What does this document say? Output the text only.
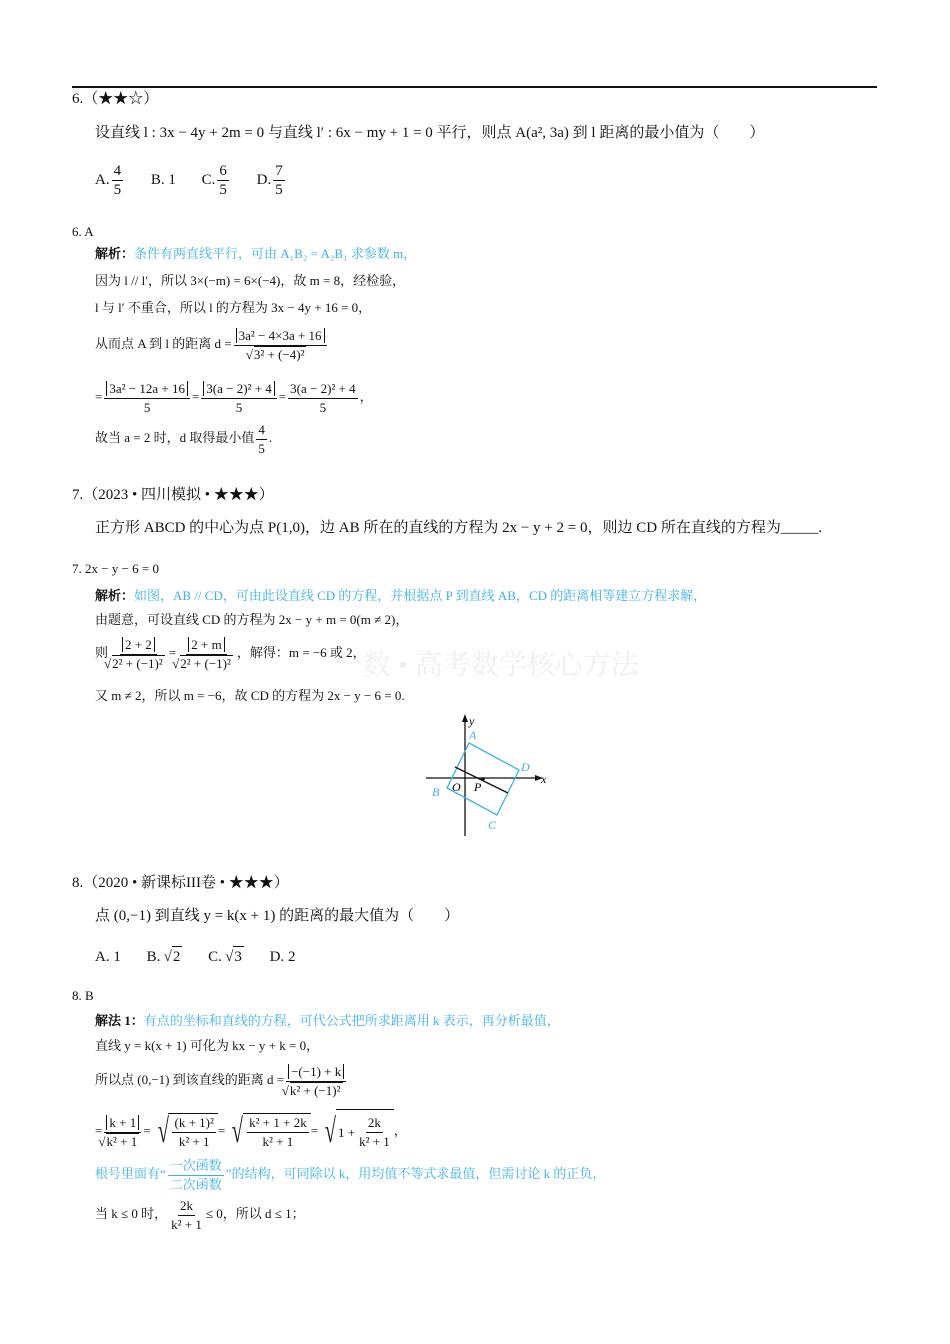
6.（★★☆）
设直线 l : 3x − 4y + 2m = 0 与直线 l′ : 6x − my + 1 = 0 平行，则点 A(a², 3a) 到 l 距离的最小值为（　　）
A. $\frac{4}{5}$
B.
1
C. $\frac{6}{5}$
D. $\frac{7}{5}$
6. A
解析：条件有两直线平行，可由 A₁B₂ = A₂B₁ 求参数 m，
因为 l // l′，所以 3×(−m) = 6×(−4)，故 m = 8，经检验，
l 与 l′ 不重合，所以 l 的方程为 3x − 4y + 16 = 0，
从而点 A 到 l 的距离 d = 3a² − 4×3a + 16
√ 3² + (−4)²
= $\frac{\text{3a² − 12a + 16}}{5} = \frac{\text{3(a − 2)² + 4}}{5} = \frac{\text{3(a − 2)² + 4}}{5}$ ，
故当 a = 2 时，d 取得最小值 $\frac{4}{5}$ .
7.（2023 • 四川模拟 • ★★★）
正方形 ABCD 的中心为点 P(1,0)，边 AB 所在的直线的方程为 2x − y + 2 = 0，则边 CD 所在直线的方程为_____.
7. 2x − y − 6 = 0
解析：如图，AB // CD，可由此设直线 CD 的方程，并根据点 P 到直线 AB，CD 的距离相等建立方程求解，
由题意，可设直线 CD 的方程为 2x − y + m = 0(m ≠ 2)，
则 2 + 2
√ 2² + (−1)² = 2 + m
√ 2² + (−1)² ，解得：m = −6 或 2，
一数 • 高考数学核心方法
又 m ≠ 2，所以 m = −6，故 CD 的方程为 2x − y − 6 = 0.
y
x
A
D
B
C
O P
8.（2020 • 新课标III卷 • ★★★）
点 (0,−1) 到直线 y = k(x + 1) 的距离的最大值为（　　）
A.
1
B.
√ 2
C.
√ 3
D.
2
8. B
解法 1：有点的坐标和直线的方程，可代公式把所求距离用 k 表示，再分析最值，
直线 y = k(x + 1) 可化为 kx − y + k = 0，
所以点 (0,−1) 到该直线的距离 d = −(−1) + k
√ k² + (−1)²
= k + 1
√ k² + 1 = √ $\frac{\text{(k + 1)²}}{\text{k² + 1}}$ = √ $\frac{\text{k² + 1 + 2k}}{\text{k² + 1}}$ = √ $1 + \frac{2k}{\text{k² + 1}}$ ，
根号里面有“ $\frac{\text{一次函数}}{\text{二次函数}}$ ”的结构，可同除以 k，用均值不等式求最值，但需讨论 k 的正负，
当 k ≤ 0 时， $\frac{2k}{\text{k² + 1}} \le 0$，所以 d ≤ 1；
